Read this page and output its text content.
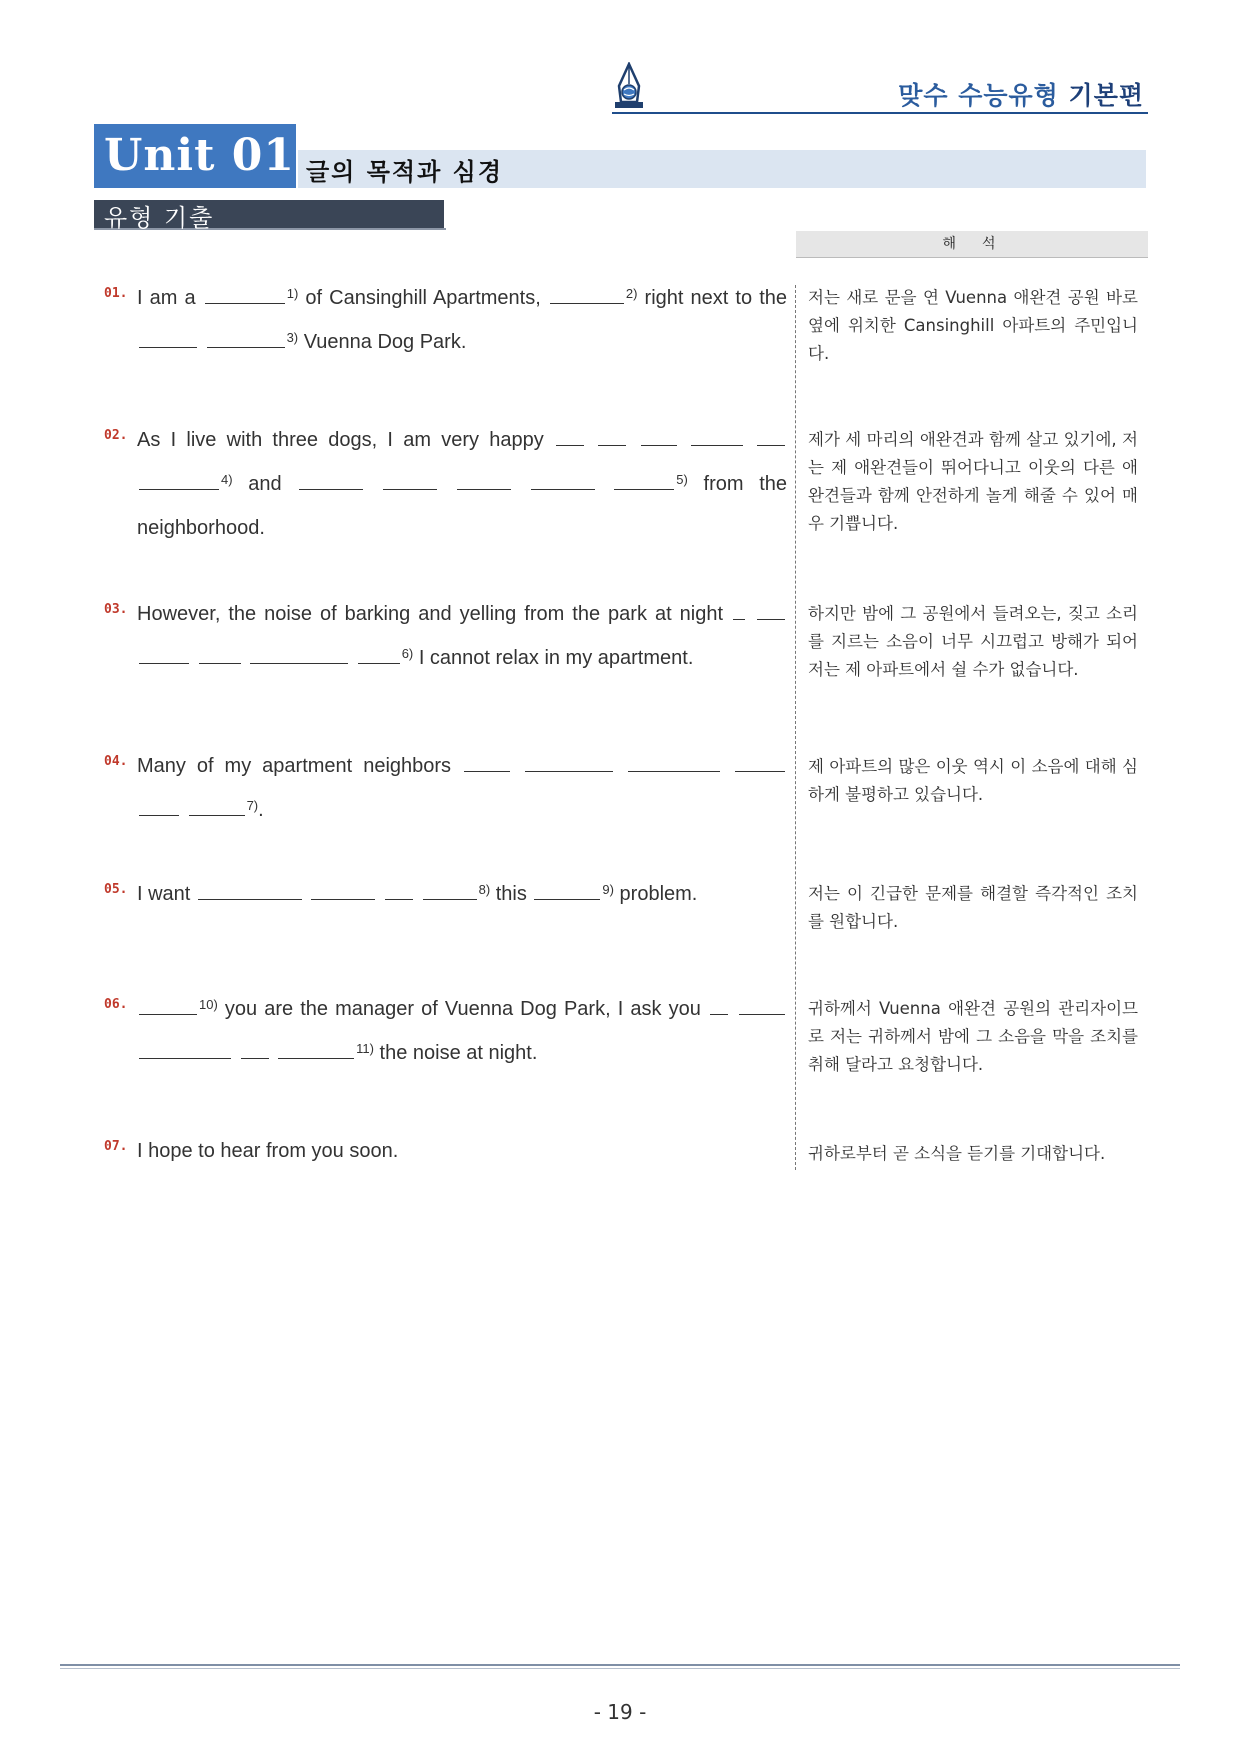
맞수 수능유형 기본편
Unit 01 글의 목적과 심경
유형 기출
해석
01. I am a	$^{1)}$ of Cansinghill Apartments,	$^{2)}$ right next to the  $^{3)}$ Vuenna Dog Park.
저는 새로 문을 연 Vuenna 애완견 공원 바로 옆에 위치한 Cansinghill 아파트의 주민입니다.
02. As I live with three dogs, I am very happy      $^{4)}$ and	$^{5)}$ from the neighborhood.
제가 세 마리의 애완견과 함께 살고 있기에, 저는 제 애완견들이 뛰어다니고 이웃의 다른 애완견들과 함께 안전하게 놀게 해줄 수 있어 매우 기쁩니다.
03. However, the noise of barking and yelling from the park at night      $^{6)}$ I cannot relax in my apartment.
하지만 밤에 그 공원에서 들려오는, 짖고 소리를 지르는 소음이 너무 시끄럽고 방해가 되어 저는 제 아파트에서 쉴 수가 없습니다.
04. Many of my apartment neighbors      $^{7)}$.
제 아파트의 많은 이웃 역시 이 소음에 대해 심하게 불평하고 있습니다.
05. I want	$^{8)}$ this	$^{9)}$ problem.	저는 이 긴급한 문제를 해결할 즉각적인 조치를 원합니다.
06.	$^{10)}$ you are the manager of Vuenna Dog Park, I ask you     $^{11)}$ the noise at night.
귀하께서 Vuenna 애완견 공원의 관리자이므로 저는 귀하께서 밤에 그 소음을 막을 조치를 취해 달라고 요청합니다.
07. I hope to hear from you soon.	귀하로부터 곧 소식을 듣기를 기대합니다.
- 19 -
